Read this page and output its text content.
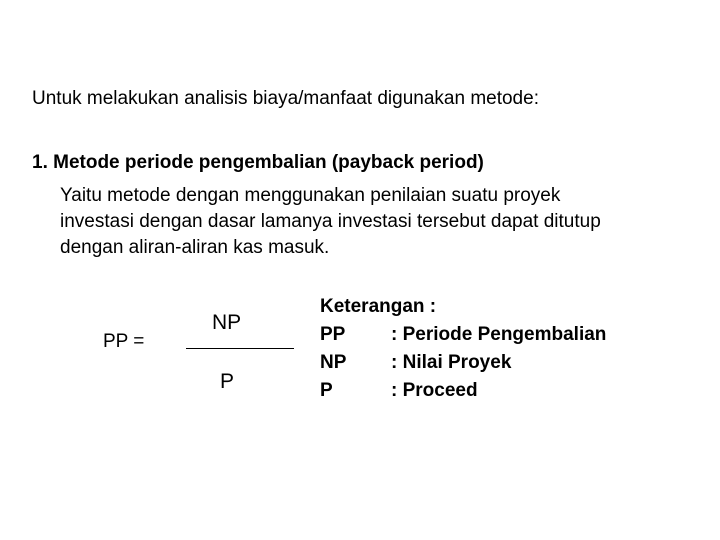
Untuk melakukan analisis biaya/manfaat digunakan metode:
1. Metode periode pengembalian (payback period)
Yaitu metode dengan menggunakan penilaian suatu proyek
investasi dengan dasar lamanya investasi tersebut dapat ditutup
dengan aliran-aliran kas masuk.
PP =
NP
P
Keterangan :
PP	: Periode Pengembalian
NP	: Nilai Proyek
P	: Proceed
